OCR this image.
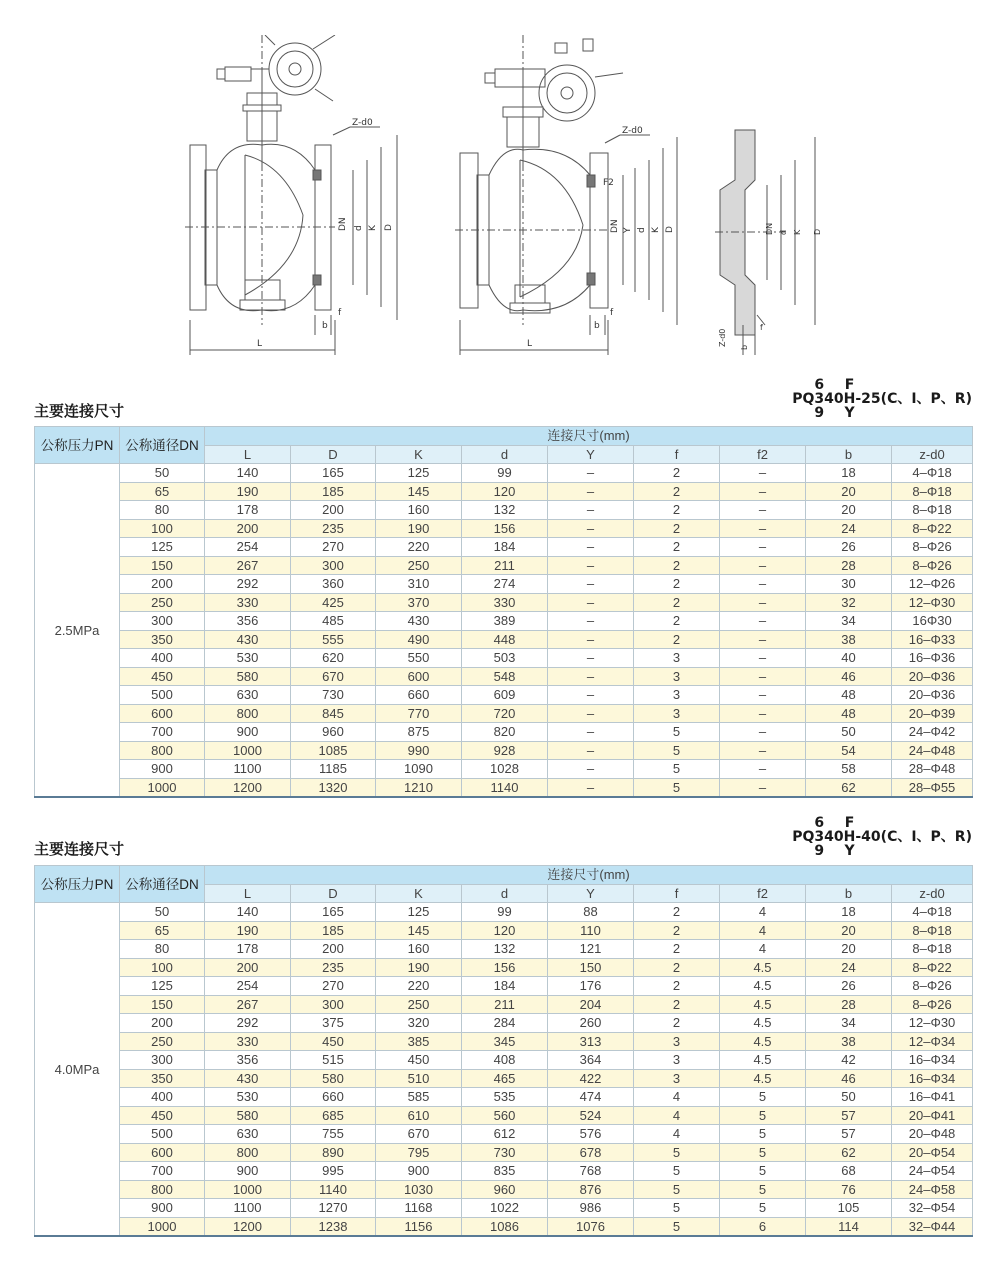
Z-d0
DN d K D
b
f
L
Z-d0
F2
DN Y d K D
b
f
L
DN d K D
Z-d0
b
f
主要连接尺寸
PQ
6
3
9
40
F
H
Y
-25(C、I、P、R)
公称压力PN	公称通径DN	连接尺寸(mm)								
		L	D	K	d	Y	f	f2	b	z-d0
2.5MPa	50	140	165	125	99	–	2	–	18	4–Φ18
	65	190	185	145	120	–	2	–	20	8–Φ18
	80	178	200	160	132	–	2	–	20	8–Φ18
	100	200	235	190	156	–	2	–	24	8–Φ22
	125	254	270	220	184	–	2	–	26	8–Φ26
	150	267	300	250	211	–	2	–	28	8–Φ26
	200	292	360	310	274	–	2	–	30	12–Φ26
	250	330	425	370	330	–	2	–	32	12–Φ30
	300	356	485	430	389	–	2	–	34	16Φ30
	350	430	555	490	448	–	2	–	38	16–Φ33
	400	530	620	550	503	–	3	–	40	16–Φ36
	450	580	670	600	548	–	3	–	46	20–Φ36
	500	630	730	660	609	–	3	–	48	20–Φ36
	600	800	845	770	720	–	3	–	48	20–Φ39
	700	900	960	875	820	–	5	–	50	24–Φ42
	800	1000	1085	990	928	–	5	–	54	24–Φ48
	900	1100	1185	1090	1028	–	5	–	58	28–Φ48
	1000	1200	1320	1210	1140	–	5	–	62	28–Φ55
主要连接尺寸
PQ
6
3
9
40
F
H
Y
-40(C、I、P、R)
公称压力PN	公称通径DN	连接尺寸(mm)								
		L	D	K	d	Y	f	f2	b	z-d0
4.0MPa	50	140	165	125	99	88	2	4	18	4–Φ18
	65	190	185	145	120	110	2	4	20	8–Φ18
	80	178	200	160	132	121	2	4	20	8–Φ18
	100	200	235	190	156	150	2	4.5	24	8–Φ22
	125	254	270	220	184	176	2	4.5	26	8–Φ26
	150	267	300	250	211	204	2	4.5	28	8–Φ26
	200	292	375	320	284	260	2	4.5	34	12–Φ30
	250	330	450	385	345	313	3	4.5	38	12–Φ34
	300	356	515	450	408	364	3	4.5	42	16–Φ34
	350	430	580	510	465	422	3	4.5	46	16–Φ34
	400	530	660	585	535	474	4	5	50	16–Φ41
	450	580	685	610	560	524	4	5	57	20–Φ41
	500	630	755	670	612	576	4	5	57	20–Φ48
	600	800	890	795	730	678	5	5	62	20–Φ54
	700	900	995	900	835	768	5	5	68	24–Φ54
	800	1000	1140	1030	960	876	5	5	76	24–Φ58
	900	1100	1270	1168	1022	986	5	5	105	32–Φ54
	1000	1200	1238	1156	1086	1076	5	6	114	32–Φ44
